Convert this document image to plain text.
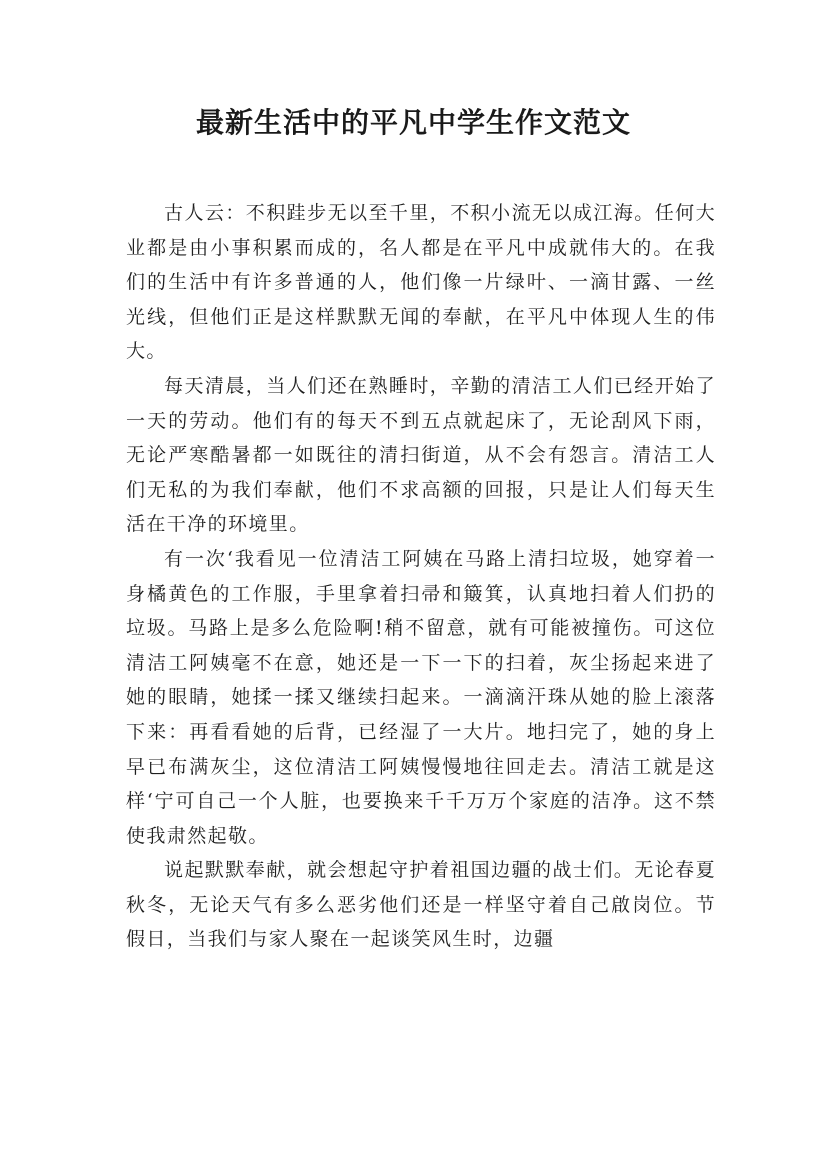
最新生活中的平凡中学生作文范文

古人云：不积跬步无以至千里，不积小流无以成江海。任何大业都是由小事积累而成的，名人都是在平凡中成就伟大的。在我们的生活中有许多普通的人，他们像一片绿叶、一滴甘露、一丝光线，但他们正是这样默默无闻的奉献，在平凡中体现人生的伟大。

每天清晨，当人们还在熟睡时，辛勤的清洁工人们已经开始了一天的劳动。他们有的每天不到五点就起床了，无论刮风下雨，无论严寒酷暑都一如既往的清扫街道，从不会有怨言。清洁工人们无私的为我们奉献，他们不求高额的回报，只是让人们每天生活在干净的环境里。

有一次‘我看见一位清洁工阿姨在马路上清扫垃圾，她穿着一身橘黄色的工作服，手里拿着扫帚和簸箕，认真地扫着人们扔的垃圾。马路上是多么危险啊!稍不留意，就有可能被撞伤。可这位清洁工阿姨毫不在意，她还是一下一下的扫着，灰尘扬起来进了她的眼睛，她揉一揉又继续扫起来。一滴滴汗珠从她的脸上滚落下来：再看看她的后背，已经湿了一大片。地扫完了，她的身上早已布满灰尘，这位清洁工阿姨慢慢地往回走去。清洁工就是这样‘宁可自己一个人脏，也要换来千千万万个家庭的洁净。这不禁使我肃然起敬。

说起默默奉献，就会想起守护着祖国边疆的战士们。无论春夏秋冬，无论天气有多么恶劣他们还是一样坚守着自己啟岗位。节假日，当我们与家人聚在一起谈笑风生时，边疆
